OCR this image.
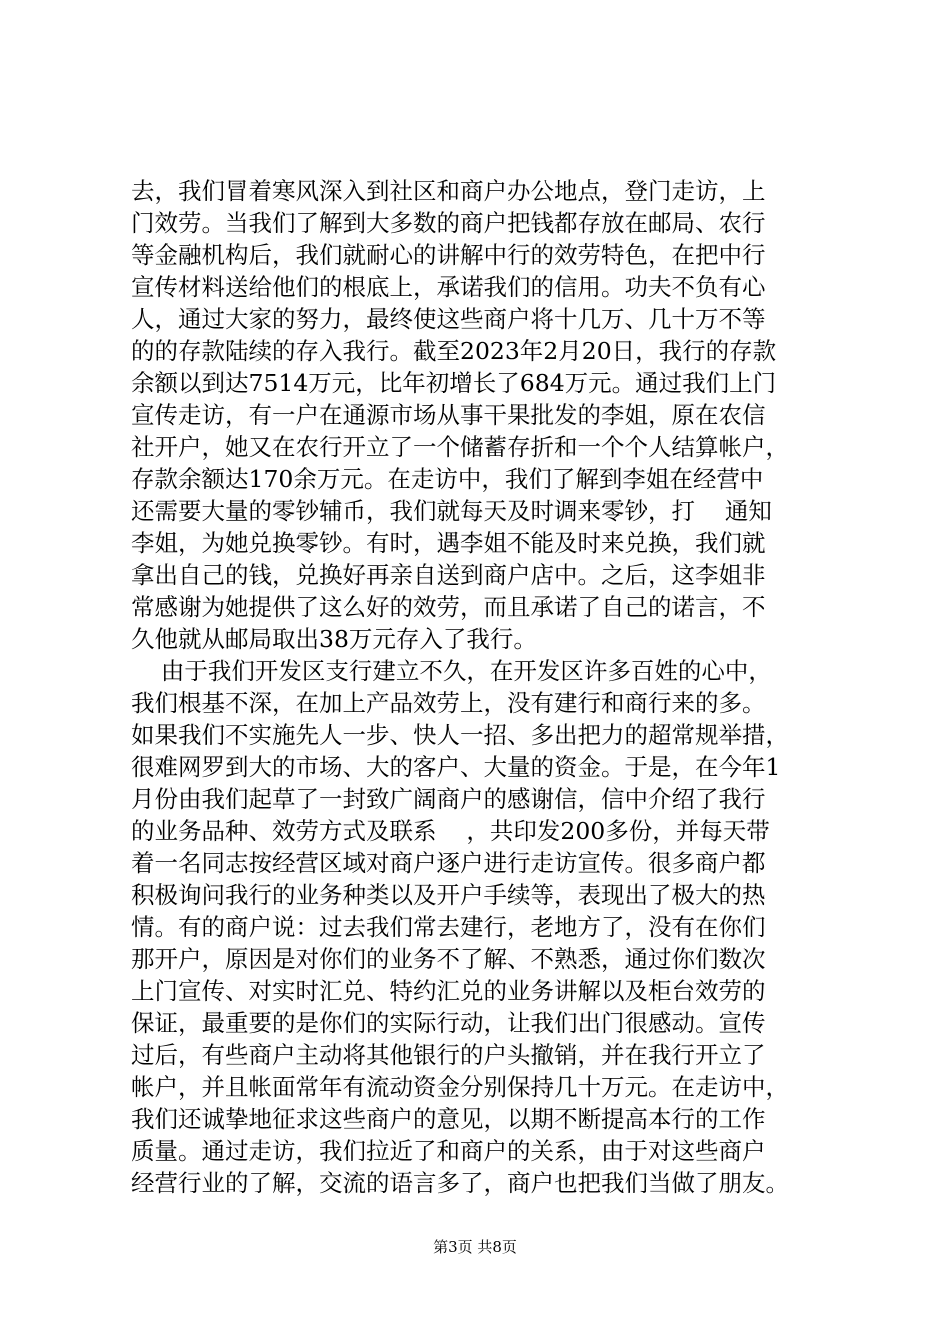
去，我们冒着寒风深入到社区和商户办公地点，登门走访，上
门效劳。当我们了解到大多数的商户把钱都存放在邮局、农行
等金融机构后，我们就耐心的讲解中行的效劳特色，在把中行
宣传材料送给他们的根底上，承诺我们的信用。功夫不负有心
人，通过大家的努力，最终使这些商户将十几万、几十万不等
的的存款陆续的存入我行。截至2023年2月20日，我行的存款
余额以到达7514万元，比年初增长了684万元。通过我们上门
宣传走访，有一户在通源市场从事干果批发的李姐，原在农信
社开户，她又在农行开立了一个储蓄存折和一个个人结算帐户，
存款余额达170余万元。在走访中，我们了解到李姐在经营中
还需要大量的零钞辅币，我们就每天及时调来零钞，打    通知
李姐，为她兑换零钞。有时，遇李姐不能及时来兑换，我们就
拿出自己的钱，兑换好再亲自送到商户店中。之后，这李姐非
常感谢为她提供了这么好的效劳，而且承诺了自己的诺言，不
久他就从邮局取出38万元存入了我行。
由于我们开发区支行建立不久，在开发区许多百姓的心中，
我们根基不深，在加上产品效劳上，没有建行和商行来的多。
如果我们不实施先人一步、快人一招、多出把力的超常规举措，
很难网罗到大的市场、大的客户、大量的资金。于是，在今年1
月份由我们起草了一封致广阔商户的感谢信，信中介绍了我行
的业务品种、效劳方式及联系    ，共印发200多份，并每天带
着一名同志按经营区域对商户逐户进行走访宣传。很多商户都
积极询问我行的业务种类以及开户手续等，表现出了极大的热
情。有的商户说：过去我们常去建行，老地方了，没有在你们
那开户，原因是对你们的业务不了解、不熟悉，通过你们数次
上门宣传、对实时汇兑、特约汇兑的业务讲解以及柜台效劳的
保证，最重要的是你们的实际行动，让我们出门很感动。宣传
过后，有些商户主动将其他银行的户头撤销，并在我行开立了
帐户，并且帐面常年有流动资金分别保持几十万元。在走访中，
我们还诚挚地征求这些商户的意见，以期不断提高本行的工作
质量。通过走访，我们拉近了和商户的关系，由于对这些商户
经营行业的了解，交流的语言多了，商户也把我们当做了朋友。
第3页 共8页
